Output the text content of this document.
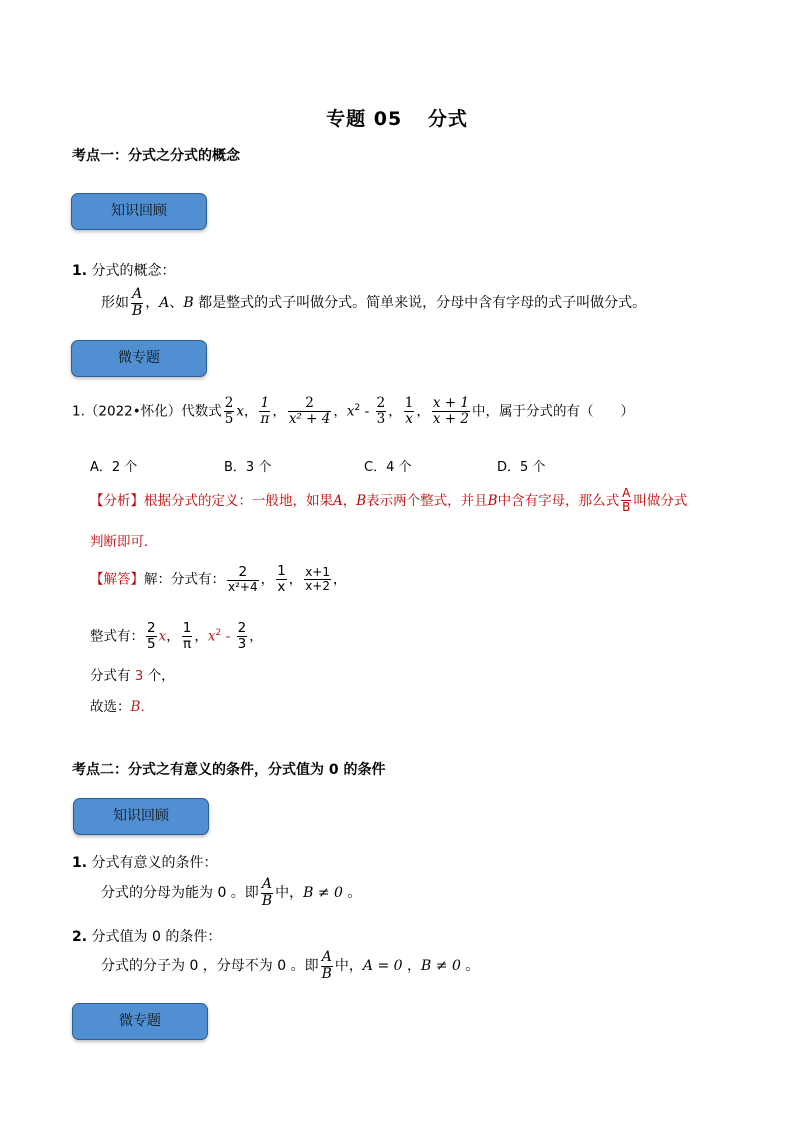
专题 05 分式
考点一：分式之分式的概念
知识回顾
1. 分式的概念：
形如 $\frac{A}{B}$ ，A、B 都是整式的式子叫做分式。简单来说，分母中含有字母的式子叫做分式。
微专题
1.（2022•怀化）代数式 $\frac{2}{5}$ x， $\frac{1}{\pi}$ ， $\frac{2}{\text{x² + 4}}$ ，$x^2 - \frac{2}{3}$ ， $\frac{1}{x}$ ， $\frac{x + 1}{x + 2}$ 中，属于分式的有（　　）
A．2 个	B．3 个	C．4 个	D．5 个
【分析】根据分式的定义：一般地，如果A，B表示两个整式，并且B中含有字母，那么式 $\frac{A}{B}$ 叫做分式
判断即可．
【解答】解：分式有： $\frac{2}{\text{x²+4}}$ ， $\frac{1}{x}$ ， $\frac{x+1}{x+2}$ ，
整式有： $\frac{2}{5}$ x， $\frac{1}{\pi}$ ，$x^2 - \frac{2}{3}$ ，
分式有 3 个，
故选：B．
考点二：分式之有意义的条件，分式值为 0 的条件
知识回顾
1. 分式有意义的条件：
分式的分母为能为 0 。即 $\frac{A}{B}$ 中，B ≠ 0 。
2. 分式值为 0 的条件：
分式的分子为 0 ，分母不为 0 。即 $\frac{A}{B}$ 中，A = 0 ，B ≠ 0 。
微专题
